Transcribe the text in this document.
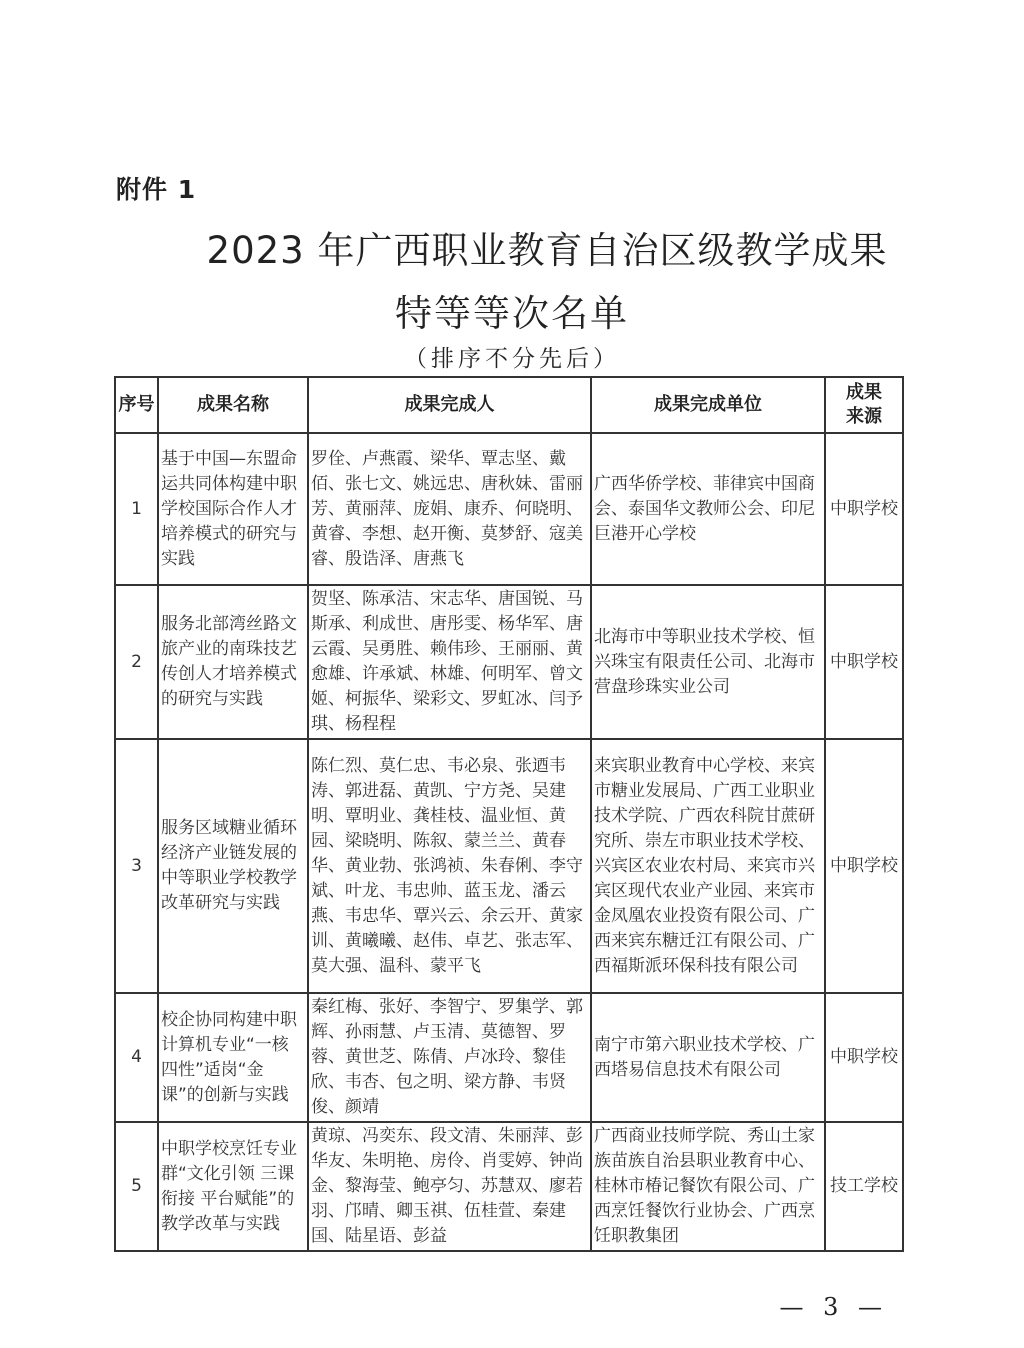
附件 1
2023 年广西职业教育自治区级教学成果
特等等次名单
（排序不分先后）
序号	成果名称	成果完成人	成果完成单位	成果来源
1	基于中国—东盟命运共同体构建中职学校国际合作人才培养模式的研究与实践	罗佺、卢燕霞、梁华、覃志坚、戴佰、张七文、姚远忠、唐秋妹、雷丽芳、黄丽萍、庞娟、康乔、何晓明、黄睿、李想、赵开衡、莫梦舒、寇美睿、殷诰泽、唐燕飞	广西华侨学校、菲律宾中国商会、泰国华文教师公会、印尼巨港开心学校	中职学校
2	服务北部湾丝路文旅产业的南珠技艺传创人才培养模式的研究与实践	贺坚、陈承洁、宋志华、唐国锐、马斯承、利成世、唐彤雯、杨华军、唐云霞、吴勇胜、赖伟珍、王丽丽、黄愈雄、许承斌、林雄、何明军、曾文姬、柯振华、梁彩文、罗虹冰、闫予琪、杨程程	北海市中等职业技术学校、恒兴珠宝有限责任公司、北海市营盘珍珠实业公司	中职学校
3	服务区域糖业循环经济产业链发展的中等职业学校教学改革研究与实践	陈仁烈、莫仁忠、韦必泉、张迺韦涛、郭进磊、黄凯、宁方尧、吴建明、覃明业、龚桂枝、温业恒、黄园、梁晓明、陈叙、蒙兰兰、黄春华、黄业勃、张鸿祯、朱春俐、李守斌、叶龙、韦忠帅、蓝玉龙、潘云燕、韦忠华、覃兴云、余云开、黄家训、黄曦曦、赵伟、卓艺、张志军、莫大强、温科、蒙平飞	来宾职业教育中心学校、来宾市糖业发展局、广西工业职业技术学院、广西农科院甘蔗研究所、崇左市职业技术学校、兴宾区农业农村局、来宾市兴宾区现代农业产业园、来宾市金凤凰农业投资有限公司、广西来宾东糖迁江有限公司、广西福斯派环保科技有限公司	中职学校
4	校企协同构建中职计算机专业“一核四性”适岗“金课”的创新与实践	秦红梅、张好、李智宁、罗集学、郭辉、孙雨慧、卢玉清、莫德智、罗蓉、黄世芝、陈倩、卢冰玲、黎佳欣、韦杏、包之明、梁方静、韦贤俊、颜靖	南宁市第六职业技术学校、广西塔易信息技术有限公司	中职学校
5	中职学校烹饪专业群“文化引领 三课衔接 平台赋能”的教学改革与实践	黄琼、冯奕东、段文清、朱丽萍、彭华友、朱明艳、房伶、肖雯婷、钟尚金、黎海莹、鲍亭匀、苏慧双、廖若羽、邝晴、卿玉祺、伍桂萱、秦建国、陆星语、彭益	广西商业技师学院、秀山土家族苗族自治县职业教育中心、桂林市椿记餐饮有限公司、广西烹饪餐饮行业协会、广西烹饪职教集团	技工学校
— 3 —
